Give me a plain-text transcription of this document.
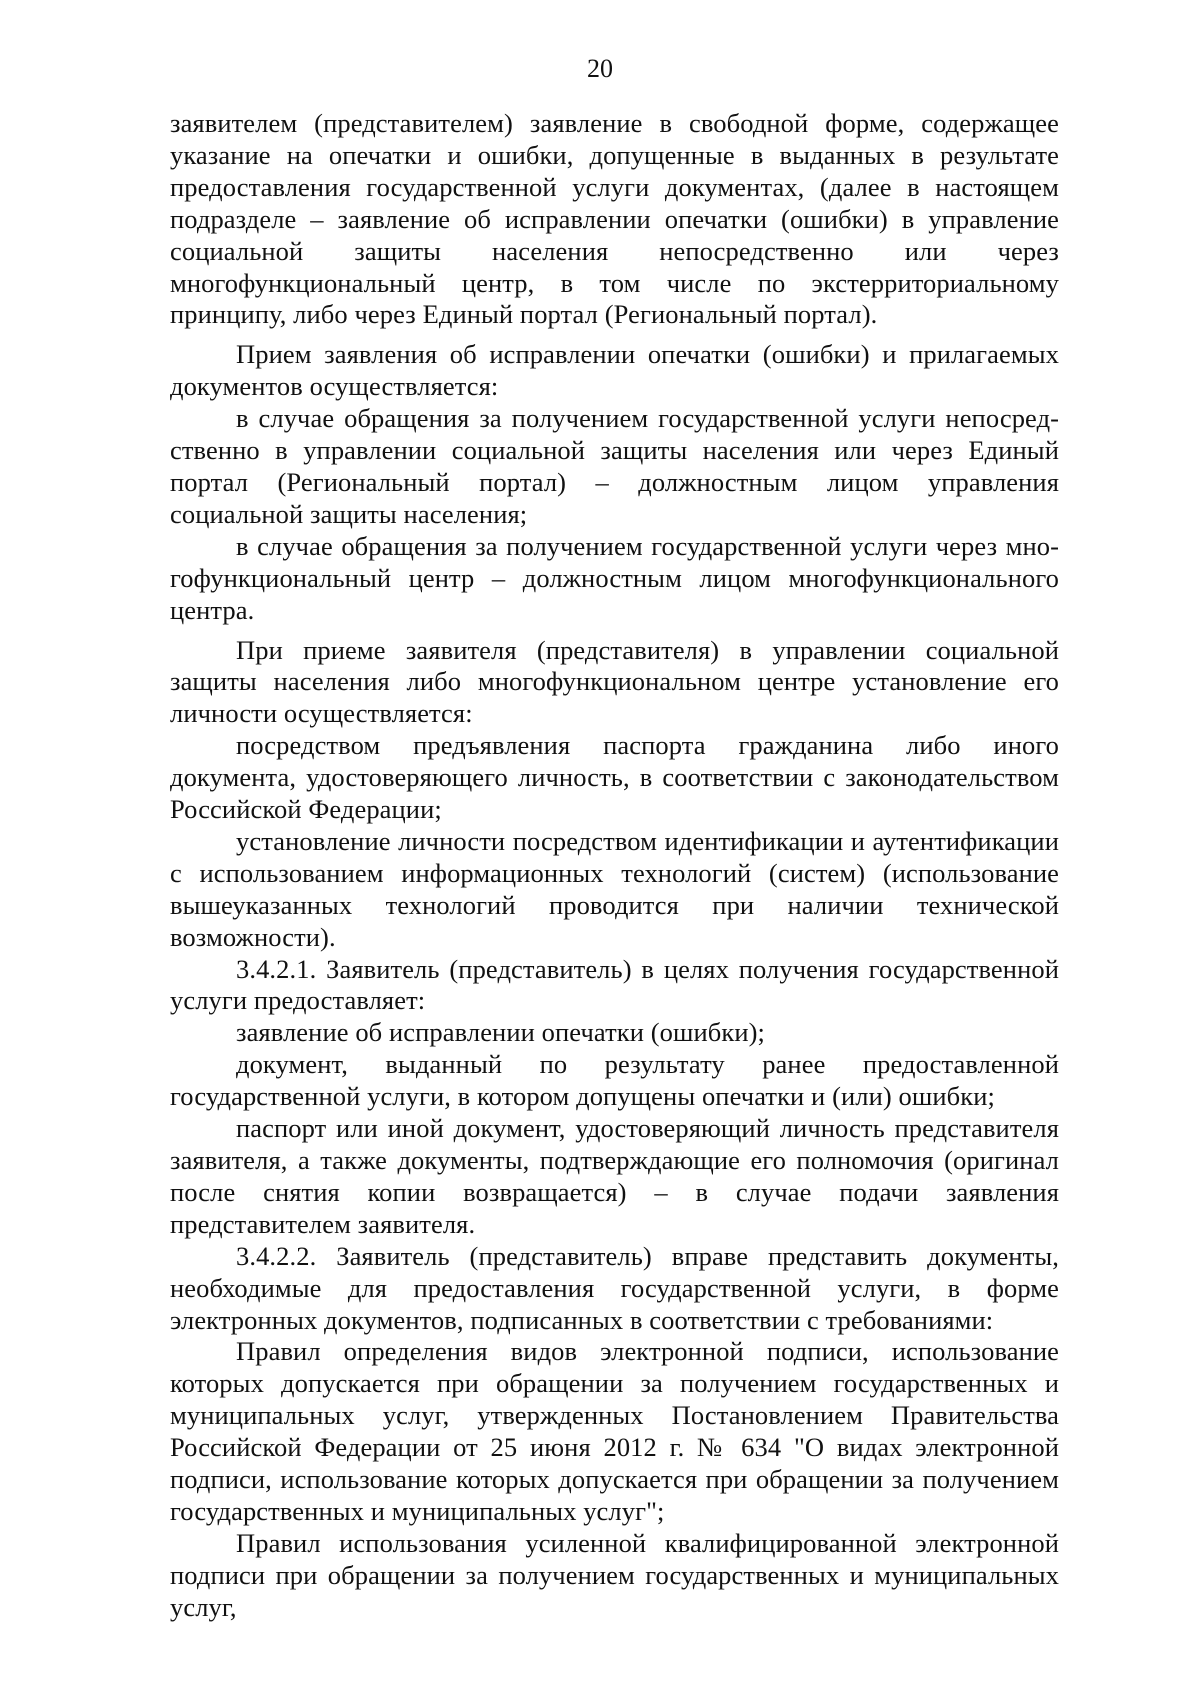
20

заявителем (представителем) заявление в свободной форме, содержащее указание на опечатки и ошибки, допущенные в выданных в результате предоставления государственной услуги документах, (далее в настоящем подразделе – заявление об исправлении опечатки (ошибки) в управление социальной защиты населения непосредственно или через многофункциональный центр, в том числе по экстерриториальному принципу, либо через Единый портал (Региональный портал).

Прием заявления об исправлении опечатки (ошибки) и прилагаемых документов осуществляется:

в случае обращения за получением государственной услуги непосредственно в управлении социальной защиты населения или через Единый портал (Региональный портал) – должностным лицом управления социальной защиты населения;

в случае обращения за получением государственной услуги через многофункциональный центр – должностным лицом многофункционального центра.

При приеме заявителя (представителя) в управлении социальной защиты населения либо многофункциональном центре установление его личности осуществляется:

посредством предъявления паспорта гражданина либо иного документа, удостоверяющего личность, в соответствии с законодательством Российской Федерации;

установление личности посредством идентификации и аутентификации с использованием информационных технологий (систем) (использование вышеуказанных технологий проводится при наличии технической возможности).

3.4.2.1. Заявитель (представитель) в целях получения государственной услуги предоставляет:

заявление об исправлении опечатки (ошибки);

документ, выданный по результату ранее предоставленной государственной услуги, в котором допущены опечатки и (или) ошибки;

паспорт или иной документ, удостоверяющий личность представителя заявителя, а также документы, подтверждающие его полномочия (оригинал после снятия копии возвращается) – в случае подачи заявления представителем заявителя.

3.4.2.2. Заявитель (представитель) вправе представить документы, необходимые для предоставления государственной услуги, в форме электронных документов, подписанных в соответствии с требованиями:

Правил определения видов электронной подписи, использование которых допускается при обращении за получением государственных и муниципальных услуг, утвержденных Постановлением Правительства Российской Федерации от 25 июня 2012 г. № 634 "О видах электронной подписи, использование которых допускается при обращении за получением государственных и муниципальных услуг";

Правил использования усиленной квалифицированной электронной подписи при обращении за получением государственных и муниципальных услуг,
